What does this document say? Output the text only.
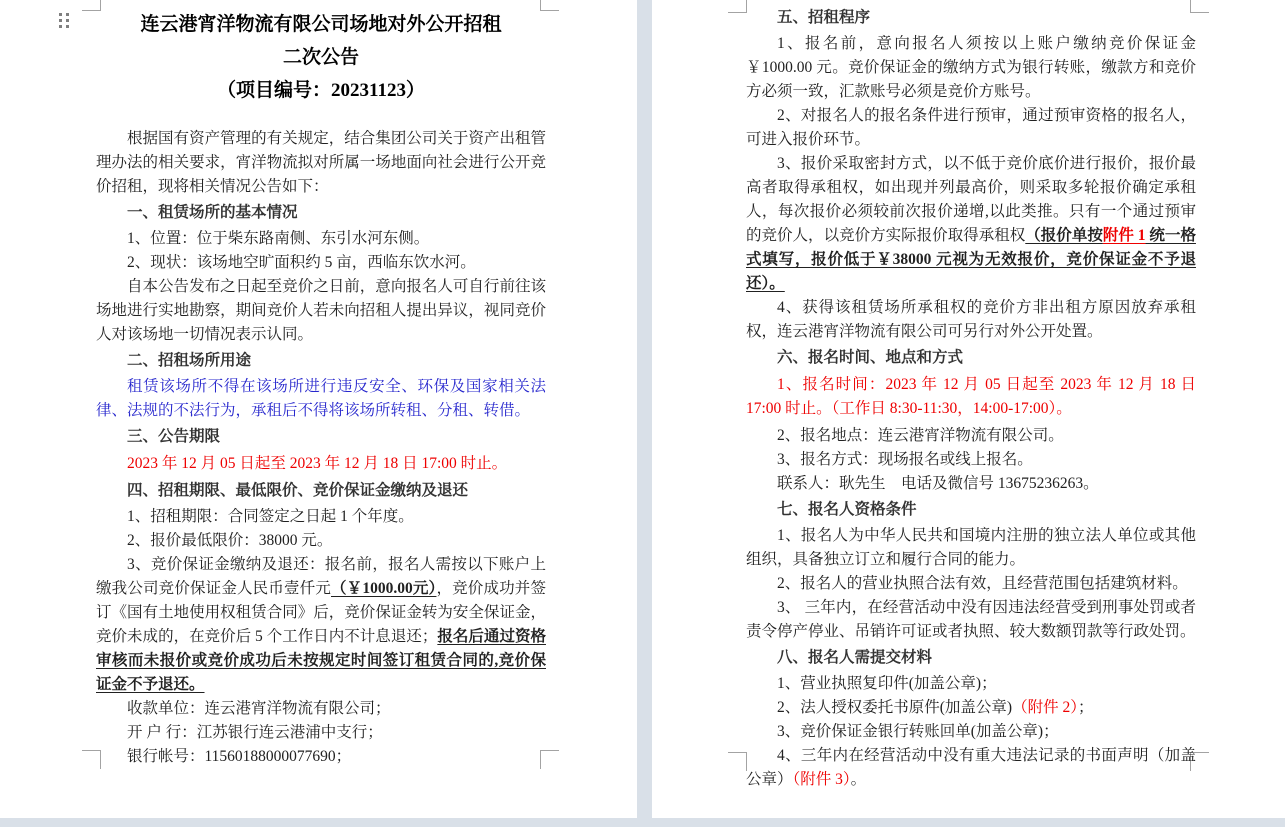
连云港宵洋物流有限公司场地对外公开招租
二次公告
（项目编号：20231123）
根据国有资产管理的有关规定，结合集团公司关于资产出租管理办法的相关要求，宵洋物流拟对所属一场地面向社会进行公开竞价招租，现将相关情况公告如下：
一、租赁场所的基本情况
1、位置：位于柴东路南侧、东引水河东侧。
2、现状：该场地空旷面积约 5 亩，西临东饮水河。
自本公告发布之日起至竞价之日前，意向报名人可自行前往该场地进行实地勘察，期间竞价人若未向招租人提出异议，视同竞价人对该场地一切情况表示认同。
二、招租场所用途
租赁该场所不得在该场所进行违反安全、环保及国家相关法律、法规的不法行为，承租后不得将该场所转租、分租、转借。
三、公告期限
2023 年 12 月 05 日起至 2023 年 12 月 18 日 17:00 时止。
四、招租期限、最低限价、竞价保证金缴纳及退还
1、招租期限：合同签定之日起 1 个年度。
2、报价最低限价：38000 元。
3、竞价保证金缴纳及退还：报名前，报名人需按以下账户上缴我公司竞价保证金人民币壹仟元（￥1000.00元），竞价成功并签订《国有土地使用权租赁合同》后，竞价保证金转为安全保证金，竞价未成的，在竞价后 5 个工作日内不计息退还；报名后通过资格审核而未报价或竞价成功后未按规定时间签订租赁合同的,竞价保证金不予退还。
收款单位：连云港宵洋物流有限公司；
开 户 行：江苏银行连云港浦中支行；
银行帐号：11560188000077690；
五、招租程序
1、报名前，意向报名人须按以上账户缴纳竞价保证金￥1000.00 元。竞价保证金的缴纳方式为银行转账，缴款方和竞价方必须一致，汇款账号必须是竞价方账号。
2、对报名人的报名条件进行预审，通过预审资格的报名人，可进入报价环节。
3、报价采取密封方式，以不低于竞价底价进行报价，报价最高者取得承租权，如出现并列最高价，则采取多轮报价确定承租人，每次报价必须较前次报价递增,以此类推。只有一个通过预审的竞价人，以竞价方实际报价取得承租权（报价单按附件 1 统一格式填写，报价低于￥38000 元视为无效报价，竞价保证金不予退还）。
4、获得该租赁场所承租权的竞价方非出租方原因放弃承租权，连云港宵洋物流有限公司可另行对外公开处置。
六、报名时间、地点和方式
1、报名时间：2023 年 12 月 05 日起至 2023 年 12 月 18 日 17:00 时止。（工作日 8:30-11:30，14:00-17:00）。
2、报名地点：连云港宵洋物流有限公司。
3、报名方式：现场报名或线上报名。
联系人：耿先生　电话及微信号 13675236263。
七、报名人资格条件
1、报名人为中华人民共和国境内注册的独立法人单位或其他组织，具备独立订立和履行合同的能力。
2、报名人的营业执照合法有效，且经营范围包括建筑材料。
3、 三年内，在经营活动中没有因违法经营受到刑事处罚或者责令停产停业、吊销许可证或者执照、较大数额罚款等行政处罚。
八、报名人需提交材料
1、营业执照复印件(加盖公章)；
2、法人授权委托书原件(加盖公章)（附件 2）；
3、竞价保证金银行转账回单(加盖公章)；
4、三年内在经营活动中没有重大违法记录的书面声明（加盖公章）（附件 3）。
